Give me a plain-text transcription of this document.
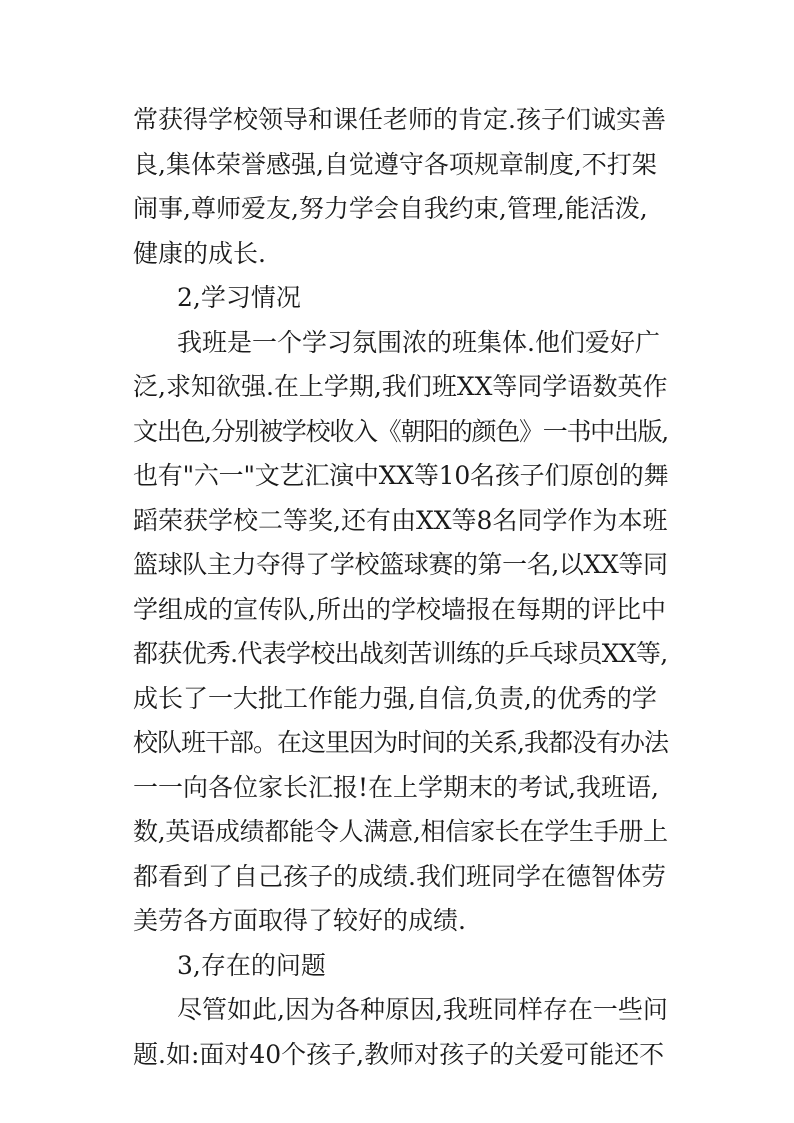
常获得学校领导和课任老师的肯定.孩子们诚实善
良,集体荣誉感强,自觉遵守各项规章制度,不打架
闹事,尊师爱友,努力学会自我约束,管理,能活泼,
健康的成长.
2,学习情况
我班是一个学习氛围浓的班集体.他们爱好广
泛,求知欲强.在上学期,我们班XX等同学语数英作
文出色,分别被学校收入《朝阳的颜色》一书中出版,
也有"六一"文艺汇演中XX等10名孩子们原创的舞
蹈荣获学校二等奖,还有由XX等8名同学作为本班
篮球队主力夺得了学校篮球赛的第一名,以XX等同
学组成的宣传队,所出的学校墙报在每期的评比中
都获优秀.代表学校出战刻苦训练的乒乓球员XX等,
成长了一大批工作能力强,自信,负责,的优秀的学
校队班干部。在这里因为时间的关系,我都没有办法
一一向各位家长汇报!在上学期末的考试,我班语,
数,英语成绩都能令人满意,相信家长在学生手册上
都看到了自己孩子的成绩.我们班同学在德智体劳
美劳各方面取得了较好的成绩.
3,存在的问题
尽管如此,因为各种原因,我班同样存在一些问
题.如:面对40个孩子,教师对孩子的关爱可能还不
